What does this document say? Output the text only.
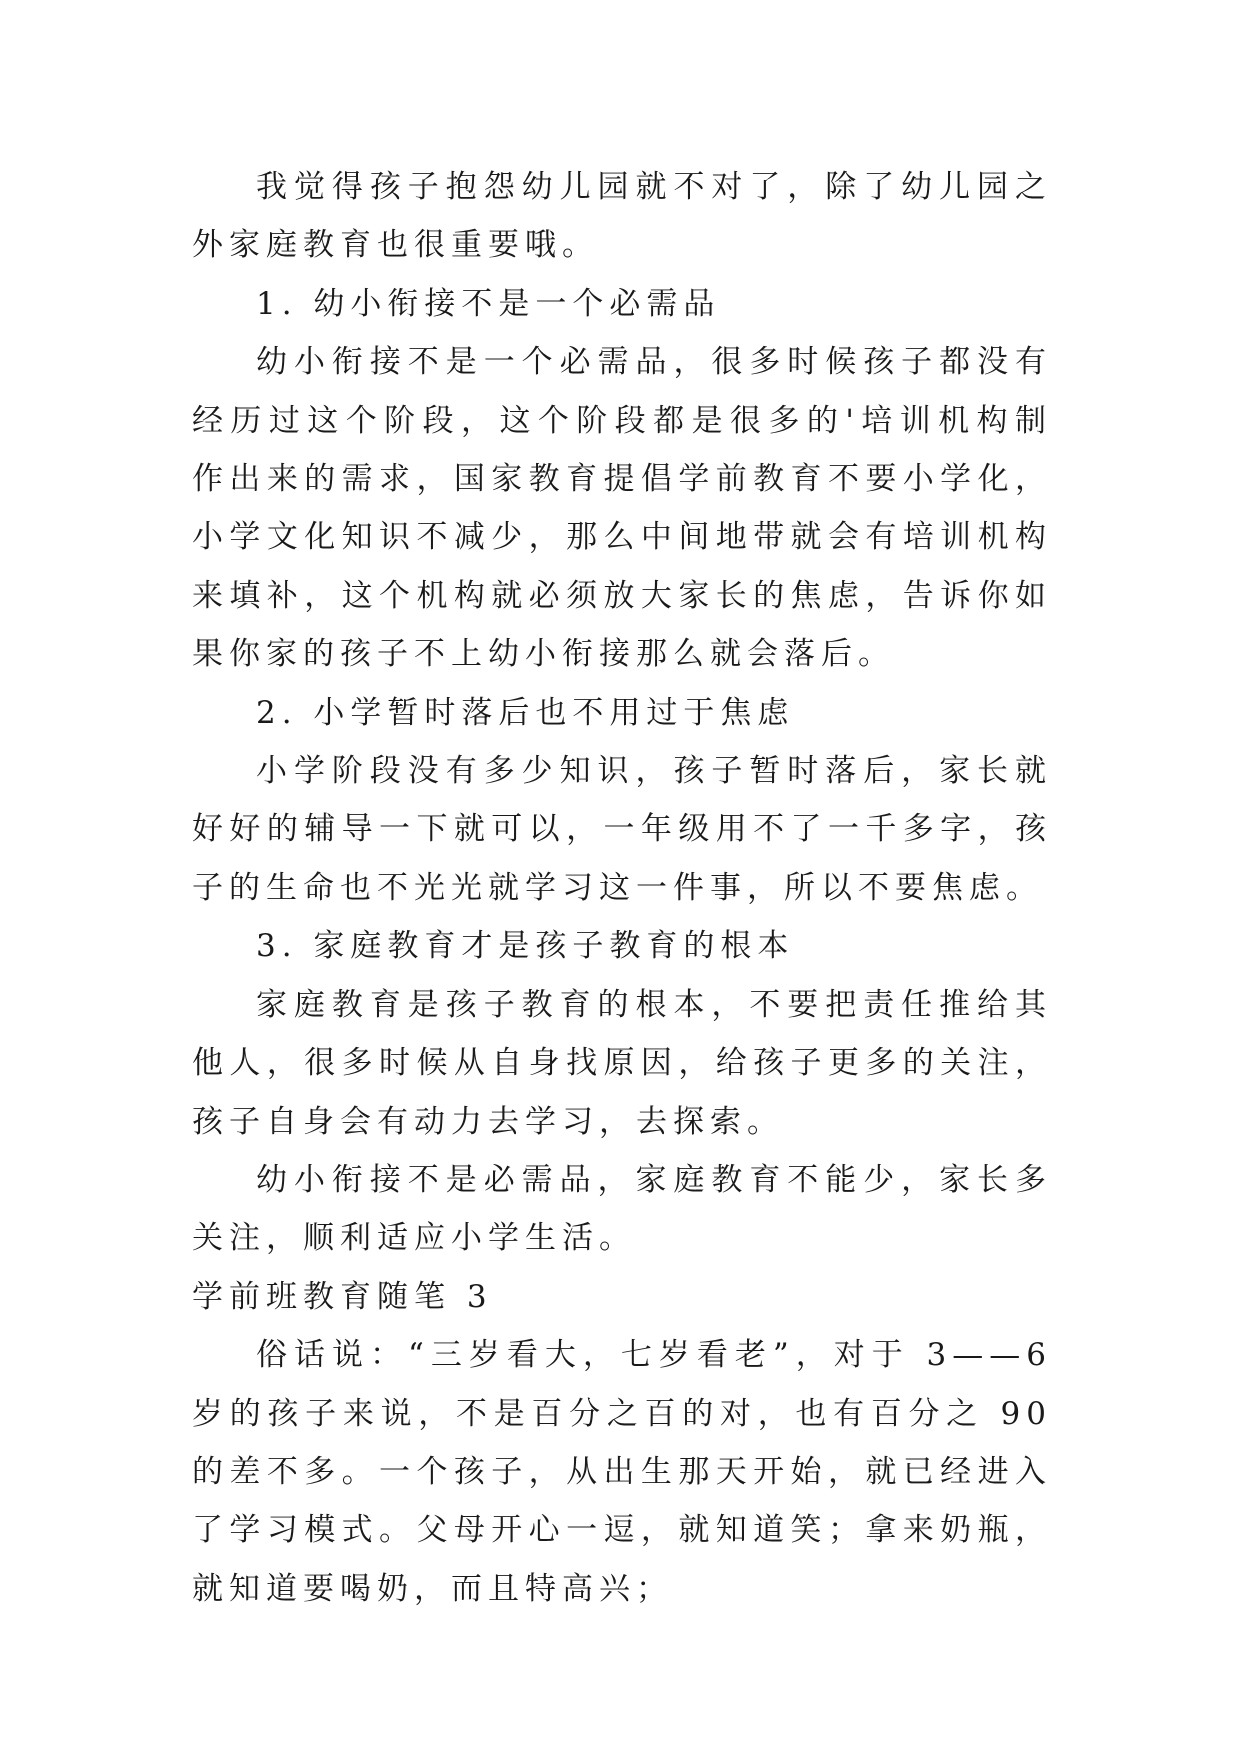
我觉得孩子抱怨幼儿园就不对了，除了幼儿园之外家庭教育也很重要哦。

1. 幼小衔接不是一个必需品

幼小衔接不是一个必需品，很多时候孩子都没有经历过这个阶段，这个阶段都是很多的'培训机构制作出来的需求，国家教育提倡学前教育不要小学化，小学文化知识不减少，那么中间地带就会有培训机构来填补，这个机构就必须放大家长的焦虑，告诉你如果你家的孩子不上幼小衔接那么就会落后。

2. 小学暂时落后也不用过于焦虑

小学阶段没有多少知识，孩子暂时落后，家长就好好的辅导一下就可以，一年级用不了一千多字，孩子的生命也不光光就学习这一件事，所以不要焦虑。

3. 家庭教育才是孩子教育的根本

家庭教育是孩子教育的根本，不要把责任推给其他人，很多时候从自身找原因，给孩子更多的关注，孩子自身会有动力去学习，去探索。

幼小衔接不是必需品，家庭教育不能少，家长多关注，顺利适应小学生活。

学前班教育随笔 3

俗话说：“三岁看大，七岁看老”，对于 3——6 岁的孩子来说，不是百分之百的对，也有百分之 90 的差不多。一个孩子，从出生那天开始，就已经进入了学习模式。父母开心一逗，就知道笑；拿来奶瓶，就知道要喝奶，而且特高兴；
